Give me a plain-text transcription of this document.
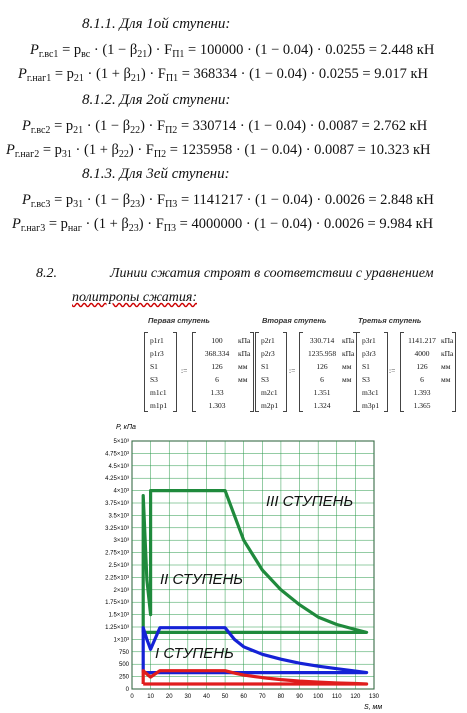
8.1.1. Для 1ой ступени:
$P_{г.вс1} = p_{вс} \cdot (1 - \beta_{21}) \cdot F_{П1} = 100000 \cdot (1 - 0.04) \cdot 0.0255 = 2.448$ кН
$P_{г.наг1} = p_{21} \cdot (1 + \beta_{21}) \cdot F_{П1} = 368334 \cdot (1 - 0.04) \cdot 0.0255 = 9.017$ кН
8.1.2. Для 2ой ступени:
$P_{г.вс2} = p_{21} \cdot (1 - \beta_{22}) \cdot F_{П2} = 330714 \cdot (1 - 0.04) \cdot 0.0087 = 2.762$ кН
$P_{г.наг2} = p_{31} \cdot (1 + \beta_{22}) \cdot F_{П2} = 1235958 \cdot (1 - 0.04) \cdot 0.0087 = 10.323$ кН
8.1.3. Для 3ей ступени:
$P_{г.вс3} = p_{31} \cdot (1 - \beta_{23}) \cdot F_{П3} = 1141217 \cdot (1 - 0.04) \cdot 0.0026 = 2.848$ кН
$P_{г.наг3} = p_{наг} \cdot (1 + \beta_{23}) \cdot F_{П3} = 4000000 \cdot (1 - 0.04) \cdot 0.0026 = 9.984$ кН
8.2.	Линии сжатия строят в соответствии с уравнением
политропы сжатия:
Первая ступень
p1r1
p1r3
S1
S3
m1c1
m1p1
:=
100
368.334
126
6
1.33
1.303
кПа
кПа
мм
мм

Вторая ступень
p2r1
p2r3
S1
S3
m2c1
m2p1
:=
330.714
1235.958
126
6
1.351
1.324
кПа
кПа
мм
мм

Третья ступень
p3r1
p3r3
S1
S3
m3c1
m3p1
:=
1141.217
4000
126
6
1.393
1.365
кПа
кПа
мм
мм

0
250
500
750
1×10³
1.25×10³
1.5×10³
1.75×10³
2×10³
2.25×10³
2.5×10³
2.75×10³
3×10³
3.25×10³
3.5×10³
3.75×10³
4×10³
4.25×10³
4.5×10³
4.75×10³
5×10³
0 10 20 30 40 50 60 70 80 90 100 110 120 130
P, кПа
S, мм
III СТУПЕНЬ
II СТУПЕНЬ
I СТУПЕНЬ
